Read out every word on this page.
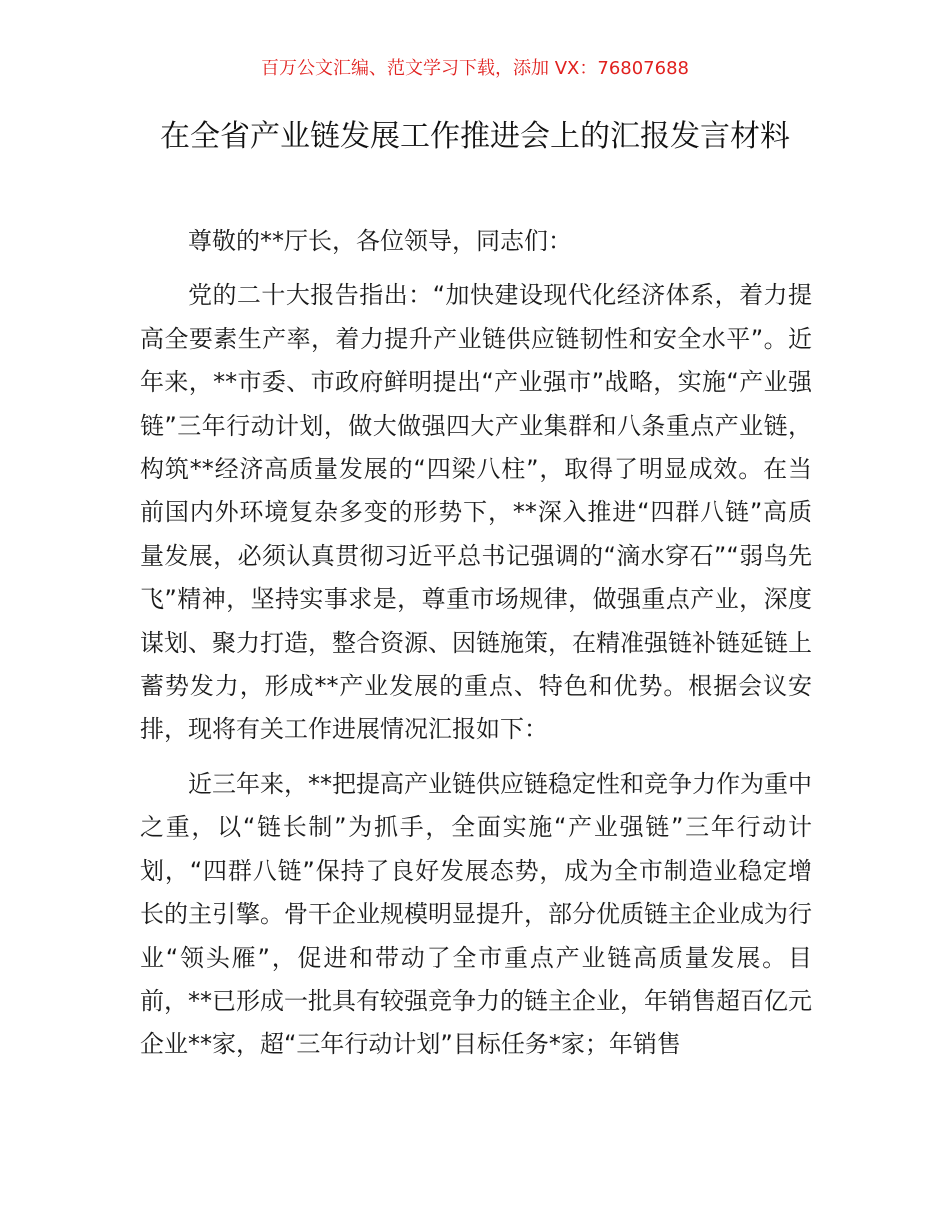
百万公文汇编、范文学习下载，添加 VX：76807688
在全省产业链发展工作推进会上的汇报发言材料

尊敬的**厅长，各位领导，同志们：

党的二十大报告指出：“加快建设现代化经济体系，着力提高全要素生产率，着力提升产业链供应链韧性和安全水平”。近年来，**市委、市政府鲜明提出“产业强市”战略，实施“产业强链”三年行动计划，做大做强四大产业集群和八条重点产业链，构筑**经济高质量发展的“四梁八柱”，取得了明显成效。在当前国内外环境复杂多变的形势下，**深入推进“四群八链”高质量发展，必须认真贯彻习近平总书记强调的“滴水穿石”“弱鸟先飞”精神，坚持实事求是，尊重市场规律，做强重点产业，深度谋划、聚力打造，整合资源、因链施策，在精准强链补链延链上蓄势发力，形成**产业发展的重点、特色和优势。根据会议安排，现将有关工作进展情况汇报如下：

近三年来，**把提高产业链供应链稳定性和竞争力作为重中之重，以“链长制”为抓手，全面实施“产业强链”三年行动计划，“四群八链”保持了良好发展态势，成为全市制造业稳定增长的主引擎。骨干企业规模明显提升，部分优质链主企业成为行业“领头雁”，促进和带动了全市重点产业链高质量发展。目前，**已形成一批具有较强竞争力的链主企业，年销售超百亿元企业**家，超“三年行动计划”目标任务*家；年销售
